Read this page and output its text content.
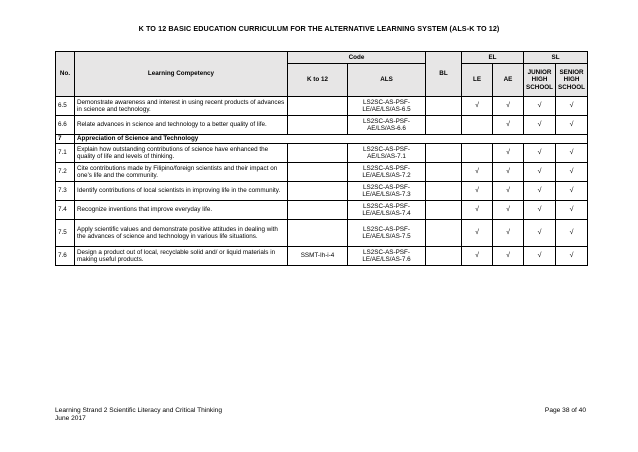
K TO 12 BASIC EDUCATION CURRICULUM FOR THE ALTERNATIVE LEARNING SYSTEM (ALS-K TO 12)
No.	Learning Competency	Code		BL	EL		SL	
		K to 12	ALS		LE	AE	JUNIOR HIGH SCHOOL	SENIOR HIGH SCHOOL
6.5	Demonstrate awareness and interest in using recent products of advances in science and technology.		LS2SC-AS-PSF-LE/AE/LS/AS-6.5		√	√	√	√
6.6	Relate advances in science and technology to a better quality of life.		LS2SC-AS-PSF-AE/LS/AS-6.6			√	√	√
7	Appreciation of Science and Technology							
7.1	Explain how outstanding contributions of science have enhanced the quality of life and levels of thinking.		LS2SC-AS-PSF-AE/LS/AS-7.1			√	√	√
7.2	Cite contributions made by Filipino/foreign scientists and their impact on one’s life and the community.		LS2SC-AS-PSF-LE/AE/LS/AS-7.2		√	√	√	√
7.3	Identify contributions of local scientists in improving life in the community.		LS2SC-AS-PSF-LE/AE/LS/AS-7.3		√	√	√	√
7.4	Recognize inventions that improve everyday life.		LS2SC-AS-PSF-LE/AE/LS/AS-7.4		√	√	√	√
7.5	Apply scientific values and demonstrate positive attitudes in dealing with the advances of science and technology in various life situations.		LS2SC-AS-PSF-LE/AE/LS/AS-7.5		√	√	√	√
7.6	Design a product out of local, recyclable solid and/ or liquid materials in making useful products.	SSMT-Ih-i-4	LS2SC-AS-PSF-LE/AE/LS/AS-7.6		√	√	√	√
Learning Strand 2 Scientific Literacy and Critical Thinking
June 2017
Page 38 of 40
